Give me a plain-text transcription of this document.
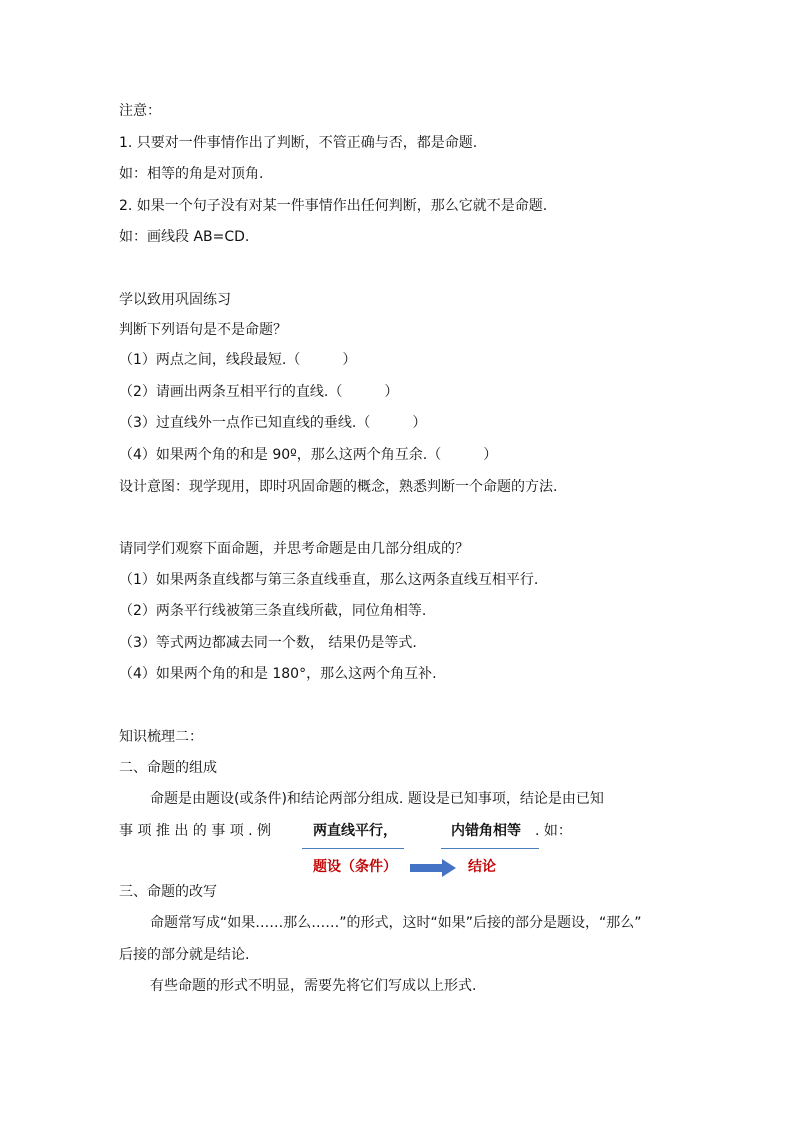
注意：
1. 只要对一件事情作出了判断，不管正确与否，都是命题.
如：相等的角是对顶角.
2. 如果一个句子没有对某一件事情作出任何判断，那么它就不是命题.
如：画线段 AB=CD.
学以致用巩固练习
判断下列语句是不是命题？
（1）两点之间，线段最短.（　　　）
（2）请画出两条互相平行的直线.（　　　）
（3）过直线外一点作已知直线的垂线.（　　　）
（4）如果两个角的和是 90º，那么这两个角互余.（　　　）
设计意图：现学现用，即时巩固命题的概念，熟悉判断一个命题的方法.
请同学们观察下面命题，并思考命题是由几部分组成的？
（1）如果两条直线都与第三条直线垂直，那么这两条直线互相平行.
（2）两条平行线被第三条直线所截，同位角相等.
（3）等式两边都减去同一个数， 结果仍是等式.
（4）如果两个角的和是 180°，那么这两个角互补.
知识梳理二：
二、命题的组成
命题是由题设(或条件)和结论两部分组成. 题设是已知事项，结论是由已知
事 项 推 出 的 事 项 . 例	两直线平行，	内错角相等 . 如：
题设（条件）	结论
三、命题的改写
命题常写成“如果……那么……”的形式，这时“如果”后接的部分是题设，“那么”
后接的部分就是结论.
有些命题的形式不明显，需要先将它们写成以上形式.
